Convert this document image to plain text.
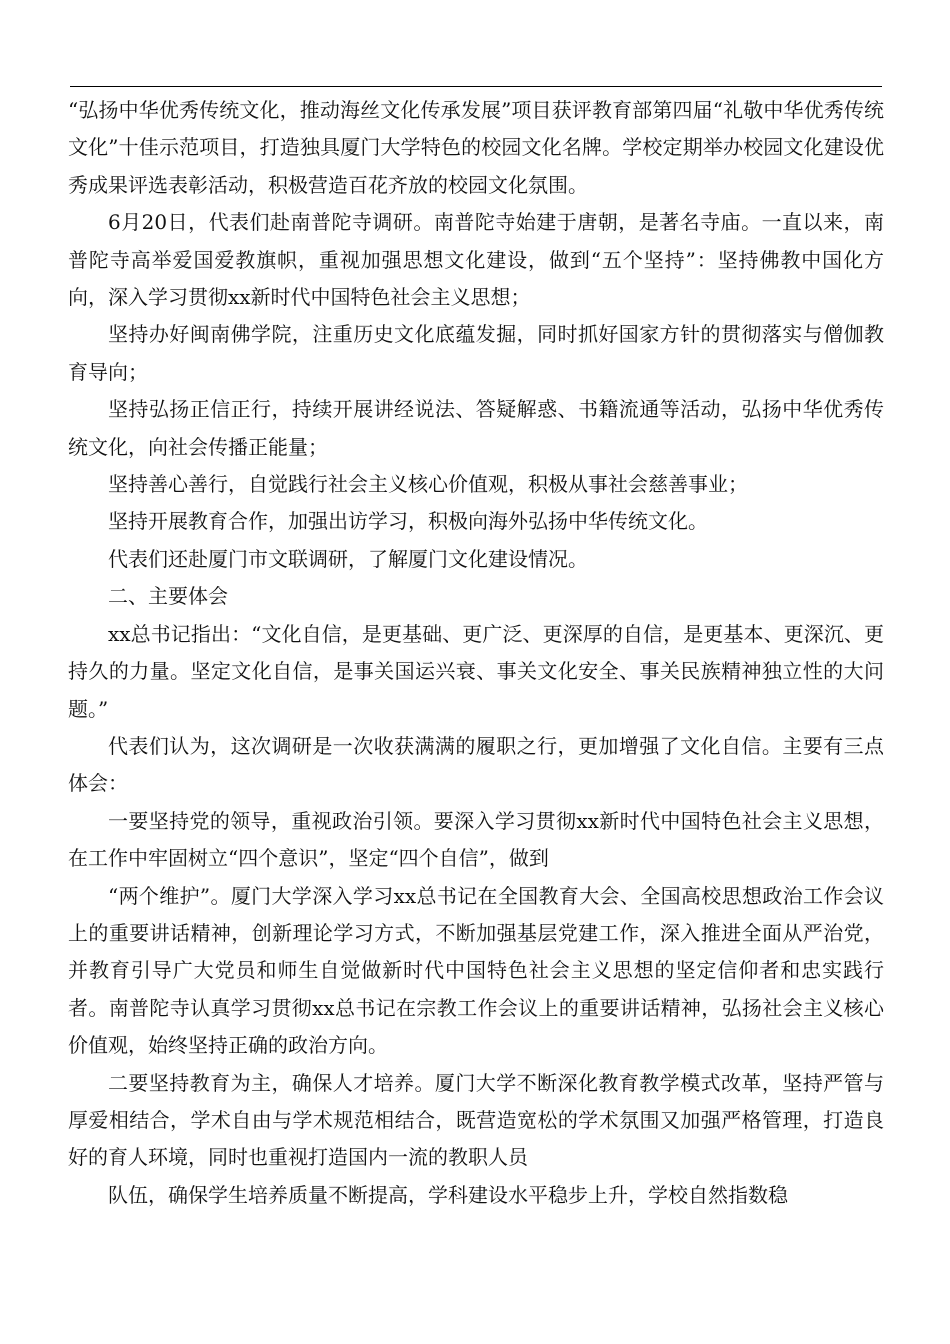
“弘扬中华优秀传统文化，推动海丝文化传承发展”项目获评教育部第四届“礼敬中华优秀传统文化”十佳示范项目，打造独具厦门大学特色的校园文化名牌。学校定期举办校园文化建设优秀成果评选表彰活动，积极营造百花齐放的校园文化氛围。

6月20日，代表们赴南普陀寺调研。南普陀寺始建于唐朝，是著名寺庙。一直以来，南普陀寺高举爱国爱教旗帜，重视加强思想文化建设，做到“五个坚持”：坚持佛教中国化方向，深入学习贯彻xx新时代中国特色社会主义思想；

坚持办好闽南佛学院，注重历史文化底蕴发掘，同时抓好国家方针的贯彻落实与僧伽教育导向；

坚持弘扬正信正行，持续开展讲经说法、答疑解惑、书籍流通等活动，弘扬中华优秀传统文化，向社会传播正能量；

坚持善心善行，自觉践行社会主义核心价值观，积极从事社会慈善事业；

坚持开展教育合作，加强出访学习，积极向海外弘扬中华传统文化。

代表们还赴厦门市文联调研，了解厦门文化建设情况。

二、主要体会

xx总书记指出：“文化自信，是更基础、更广泛、更深厚的自信，是更基本、更深沉、更持久的力量。坚定文化自信，是事关国运兴衰、事关文化安全、事关民族精神独立性的大问题。”

代表们认为，这次调研是一次收获满满的履职之行，更加增强了文化自信。主要有三点体会：

一要坚持党的领导，重视政治引领。要深入学习贯彻xx新时代中国特色社会主义思想，在工作中牢固树立“四个意识”，坚定“四个自信”，做到

“两个维护”。厦门大学深入学习xx总书记在全国教育大会、全国高校思想政治工作会议上的重要讲话精神，创新理论学习方式，不断加强基层党建工作，深入推进全面从严治党，并教育引导广大党员和师生自觉做新时代中国特色社会主义思想的坚定信仰者和忠实践行者。南普陀寺认真学习贯彻xx总书记在宗教工作会议上的重要讲话精神，弘扬社会主义核心价值观，始终坚持正确的政治方向。

二要坚持教育为主，确保人才培养。厦门大学不断深化教育教学模式改革，坚持严管与厚爱相结合，学术自由与学术规范相结合，既营造宽松的学术氛围又加强严格管理，打造良好的育人环境，同时也重视打造国内一流的教职人员

队伍，确保学生培养质量不断提高，学科建设水平稳步上升，学校自然指数稳
